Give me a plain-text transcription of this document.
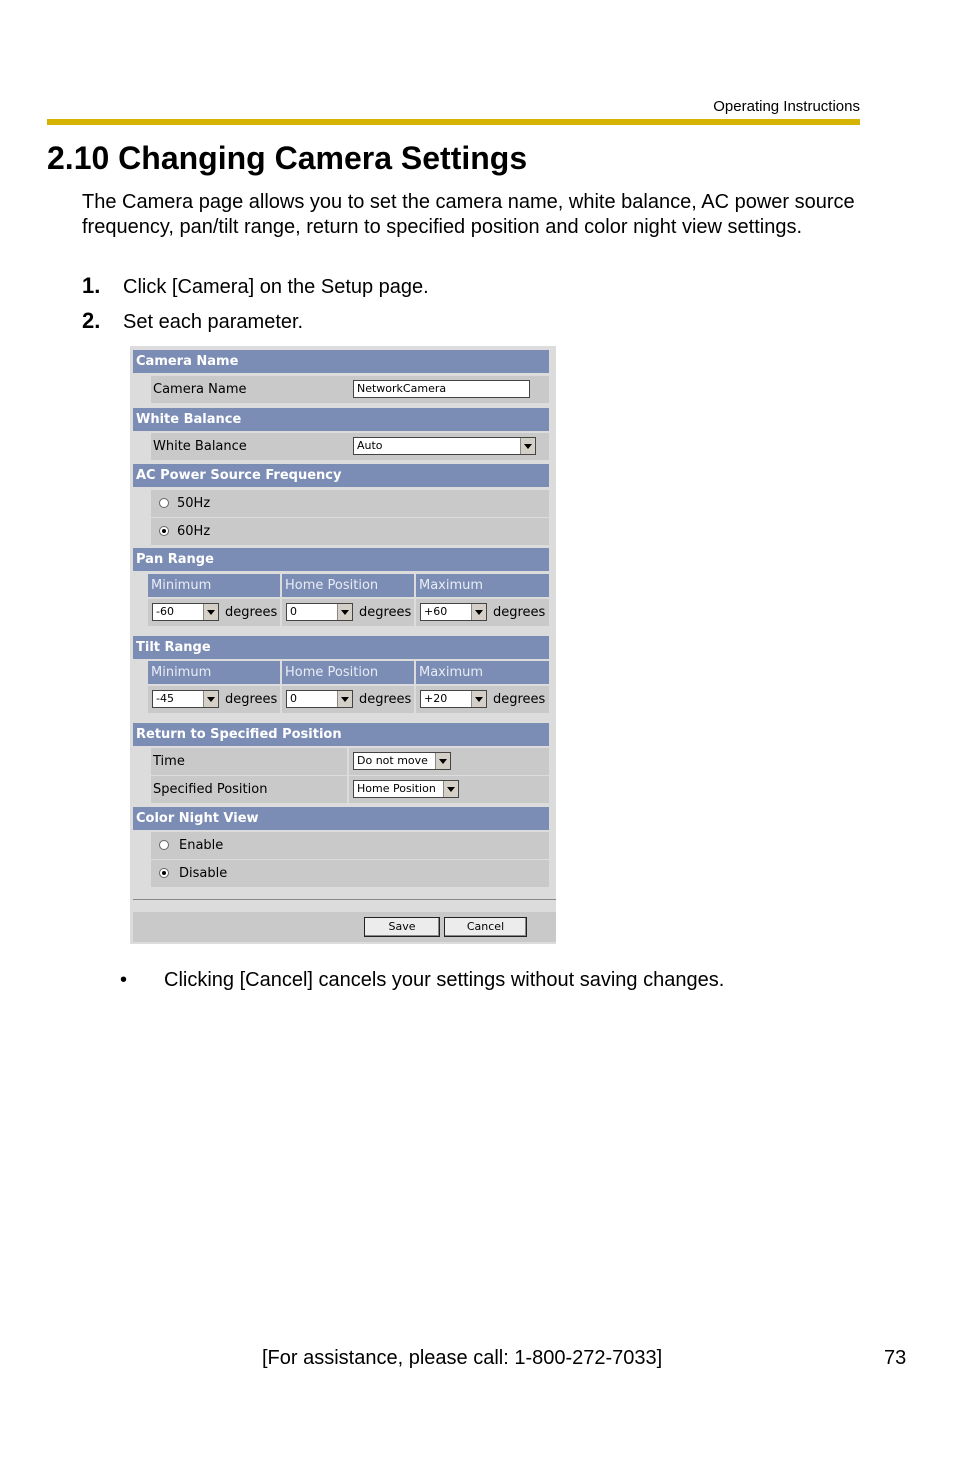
Operating Instructions
2.10 Changing Camera Settings

The Camera page allows you to set the camera name, white balance, AC power source frequency, pan/tilt range, return to specified position and color night view settings.

1. Click [Camera] on the Setup page.
2. Set each parameter.
Camera Name
Camera Name	NetworkCamera
White Balance
White Balance	Auto
AC Power Source Frequency
50Hz
60Hz
Pan Range
Minimum	Home Position	Maximum
-60	degrees	0	degrees	+60	degrees
Tilt Range
Minimum	Home Position	Maximum
-45	degrees	0	degrees	+20	degrees
Return to Specified Position
Time	Do not move
Specified Position	Home Position
Color Night View
Enable
Disable
Save	Cancel
• Clicking [Cancel] cancels your settings without saving changes.
[For assistance, please call: 1-800-272-7033]	73
